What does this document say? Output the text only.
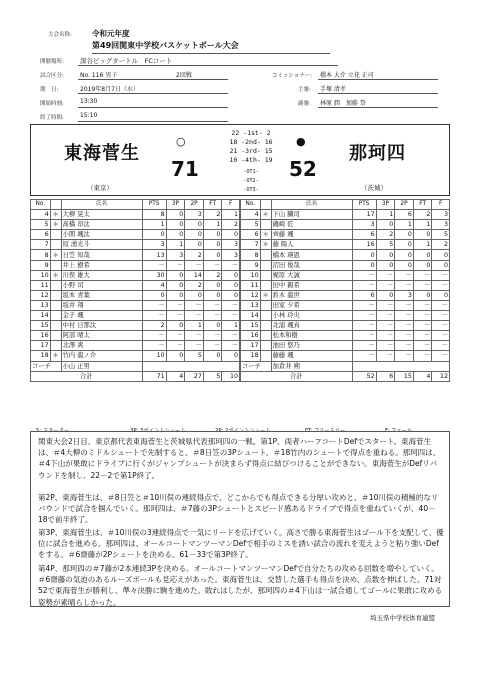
大会名称:	令和元年度
第49回関東中学校バスケットボール大会
開催場所: 深谷ビッグタートル　FCコート
試合区分:	No. 116 男子	2回戦	コミッショナー: 橋本 大介 立花 正司
期　日:	2019年8月7日（水）	主審: 手塚 清孝
開始時刻:	13:30	副審: 林原 潤　加藤 祭
終了時間:	15:10
東海菅生
（東京）
○
71
22 -1st- 2
18 -2nd- 16
21 -3rd- 15
10 -4th- 19
-OT1-
-OT2-
-OT3-
●
52
那珂四
（茨城）
No.		氏名	PTS	3P	2P	FT	F
4	＊	大柳 晃太	8	0	3	2	1
5	＊	髙橋 昂汰	1	0	0	1	2
6		小関 颯汰	0	0	0	0	0
7		原 湧光斗	3	1	0	0	3
8	＊	日笠 知哉	13	3	2	0	3
9		井上 樹希	－	－	－	－	－
10	＊	川俣 雄大	30	0	14	2	0
11		小野 司	4	0	2	0	0
12		坂本 青葉	0	0	0	0	0
13		坂井 翔	－	－	－	－	－
14		金子 颯	－	－	－	－	－
15		中村 日那汰	2	0	1	0	1
16		阿部 晴太	－	－	－	－	－
17		北澤 爽	－	－	－	－	－
18	＊	竹内 龍ノ介	10	0	5	0	0
コーチ		小山 正男					
合計			71	4	27	5	10
No.		氏名	PTS	3P	2P	FT	F
4	＊	下山 臓司	17	1	6	2	3
5		磯崎 匠	3	0	1	1	3
6	＊	齊藤 颯	6	2	0	0	5
7	＊	藤 陽人	16	5	0	1	2
8		橋本 瑛恩	0	0	0	0	0
9		沼田 俊哉	0	0	0	0	0
10		梶原 大誠	－	－	－	－	－
11		田中 親希	－	－	－	－	－
12	＊	鈴木 龍世	6	0	3	0	0
13		田家 夕希	－	－	－	－	－
14		小林 玲央	－	－	－	－	－
15		北浦 颯真	－	－	－	－	－
16		松本和樹	－	－	－	－	－
17		池田 悠乃	－	－	－	－	－
18		藤藤 颯	－	－	－	－	－
コーチ		加倉井 朔					
合計			52	6	15	4	12
S: スターター	3P: 3ポイントシュート	2P: 2ポイントシュート	FT: フリースロー	F: ファール
関東大会2日目、東京都代表東海菅生と茨城県代表那珂四の一戦。第1P、両者ハーフコートDefでスタート。東海菅生は、＃4大柳のミドルシュートで先制すると、＃8日笠の3Pシュート、＃18竹内のシュートで得点を重ねる。那珂四は、＃4下山が果敢にドライブに行くがジャンプシュートが決まらず得点に結びつけることができない。東海菅生がDefリバウンドを制し、22－2で第1P終了。
第2P、東海菅生は、＃8日笠と＃10川俣の連続得点で、どこからでも得点できる分厚い攻めと、＃10川俣の積極的なリバウンドで試合を掴んでいく。那珂四は、＃7藤の3Pシュートとスピード感あるドライブで得点を重ねていくが、40－18で前半終了。
第3P、東海菅生は、＃10川俣の3連続得点で一気にリードを広げていく。高さで勝る東海菅生はゴール下を支配して、優位に試合を進める。那珂四は、オールコートマンツーマンDefで相手のミスを誘い試合の流れを変えようと粘り強いDefをする。＃6齋藤が2Pシュートを決める。61－33で第3P終了。
第4P、那珂四の＃7藤が2本連続3Pを決める。オールコートマンツーマンDefで自分たちの攻める回数を増やしていく。＃6齋藤の気迫のあるルーズボールも見応えがあった。東海菅生は、交替した選手も得点を決め、点数を伸ばした。71対52で東海菅生が勝利し、準々決勝に駒を進めた。敗れはしたが、那珂四の＃4下山は一試合通してゴールに果敢に攻める姿勢が素晴らしかった。
埼玉県中学校体育連盟
